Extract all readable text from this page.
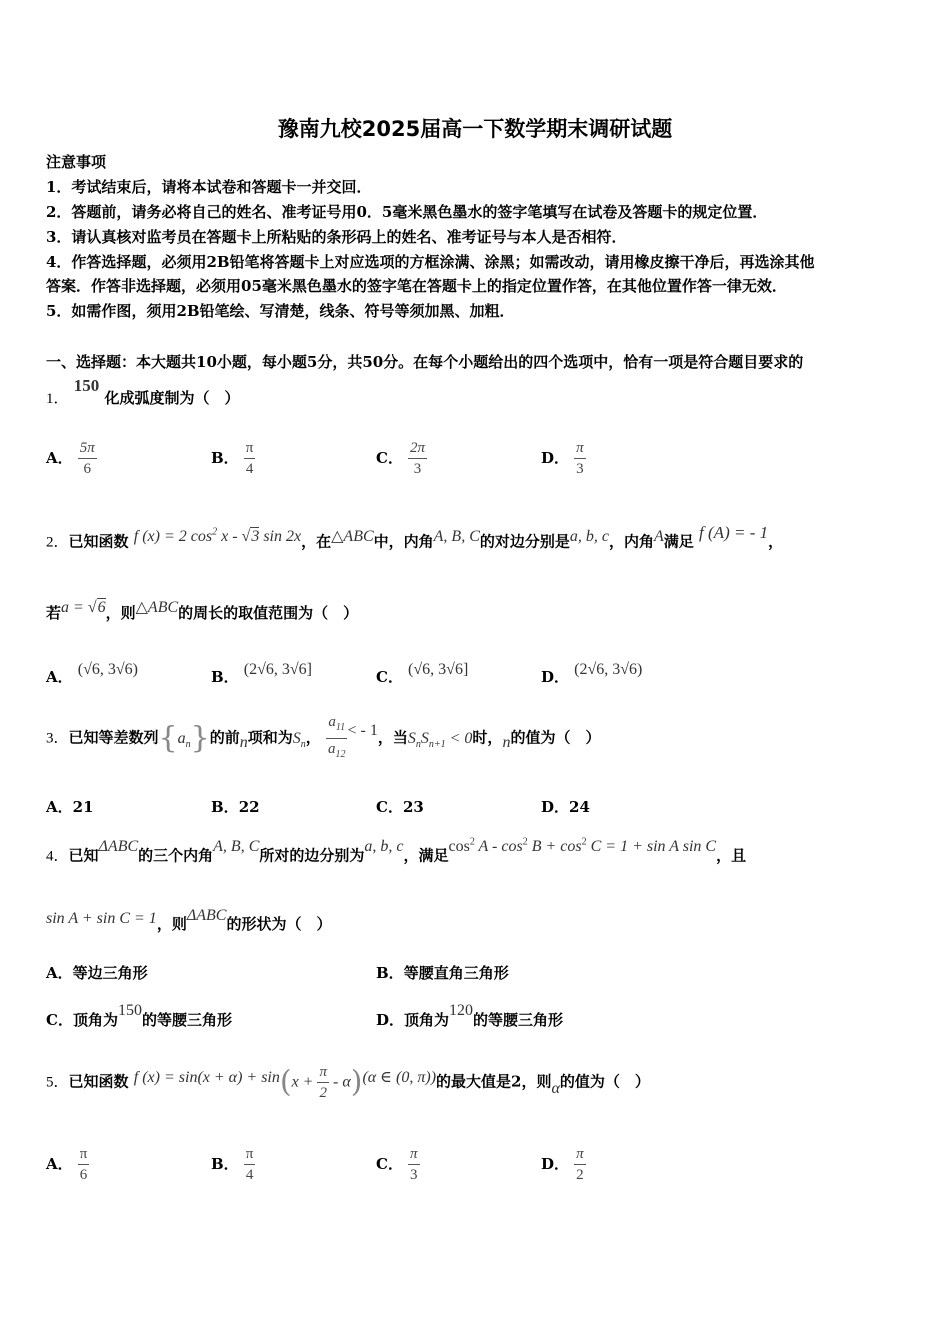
豫南九校2025届高一下数学期末调研试题
注意事项
1．考试结束后，请将本试卷和答题卡一并交回．
2．答题前，请务必将自己的姓名、准考证号用0．5毫米黑色墨水的签字笔填写在试卷及答题卡的规定位置．
3．请认真核对监考员在答题卡上所粘贴的条形码上的姓名、准考证号与本人是否相符．
4．作答选择题，必须用2B铅笔将答题卡上对应选项的方框涂满、涂黑；如需改动，请用橡皮擦干净后，再选涂其他
答案．作答非选择题，必须用05毫米黑色墨水的签字笔在答题卡上的指定位置作答，在其他位置作答一律无效．
5．如需作图，须用2B铅笔绘、写清楚，线条、符号等须加黑、加粗．
一、选择题：本大题共10小题，每小题5分，共50分。在每个小题给出的四个选项中，恰有一项是符合题目要求的
1． 150 化成弧度制为（　）
A． $\frac{5\pi}{6}$	B． $\frac{\pi}{4}$	C． $\frac{2\pi}{3}$	D． $\frac{\pi}{3}$
2．已知函数 f (x) = 2 $\cos^2 x - √3$ sin 2x，在△ABC中，内角A, B, C的对边分别是a, b, c，内角A满足 f (A) = - 1，
若a = √6，则△ABC的周长的取值范围为（　）
A． (√6, 3√6)	B． (2√6, 3√6]	C． (√6, 3√6]	D． (2√6, 3√6)
3．已知等差数列$\{a_n\}$的前n项和为$S_n$， $\frac{a_{11}}{a_{12}}$ < - 1，当$S_nS_{n+1} < 0$时，n的值为（　）
A．21	B．22	C．23	D．24
4．已知ΔABC的三个内角A, B, C所对的边分别为a, b, c，满足$\cos^2 A - \cos^2 B + \cos^2 C = 1 + \sin A$ sin C，且
sin A + sin C = 1，则ΔABC的形状为（　）
A．等边三角形	B．等腰直角三角形
C．顶角为150的等腰三角形	D．顶角为120的等腰三角形
5．已知函数 f $(x) = \sin(x + \alpha) + \sin(x + \frac{\pi}{2} - \alpha)(\alpha$ ∈ (0, π))的最大值是2，则α的值为（　）
A． $\frac{\pi}{6}$	B． $\frac{\pi}{4}$	C． $\frac{\pi}{3}$	D． $\frac{\pi}{2}$
